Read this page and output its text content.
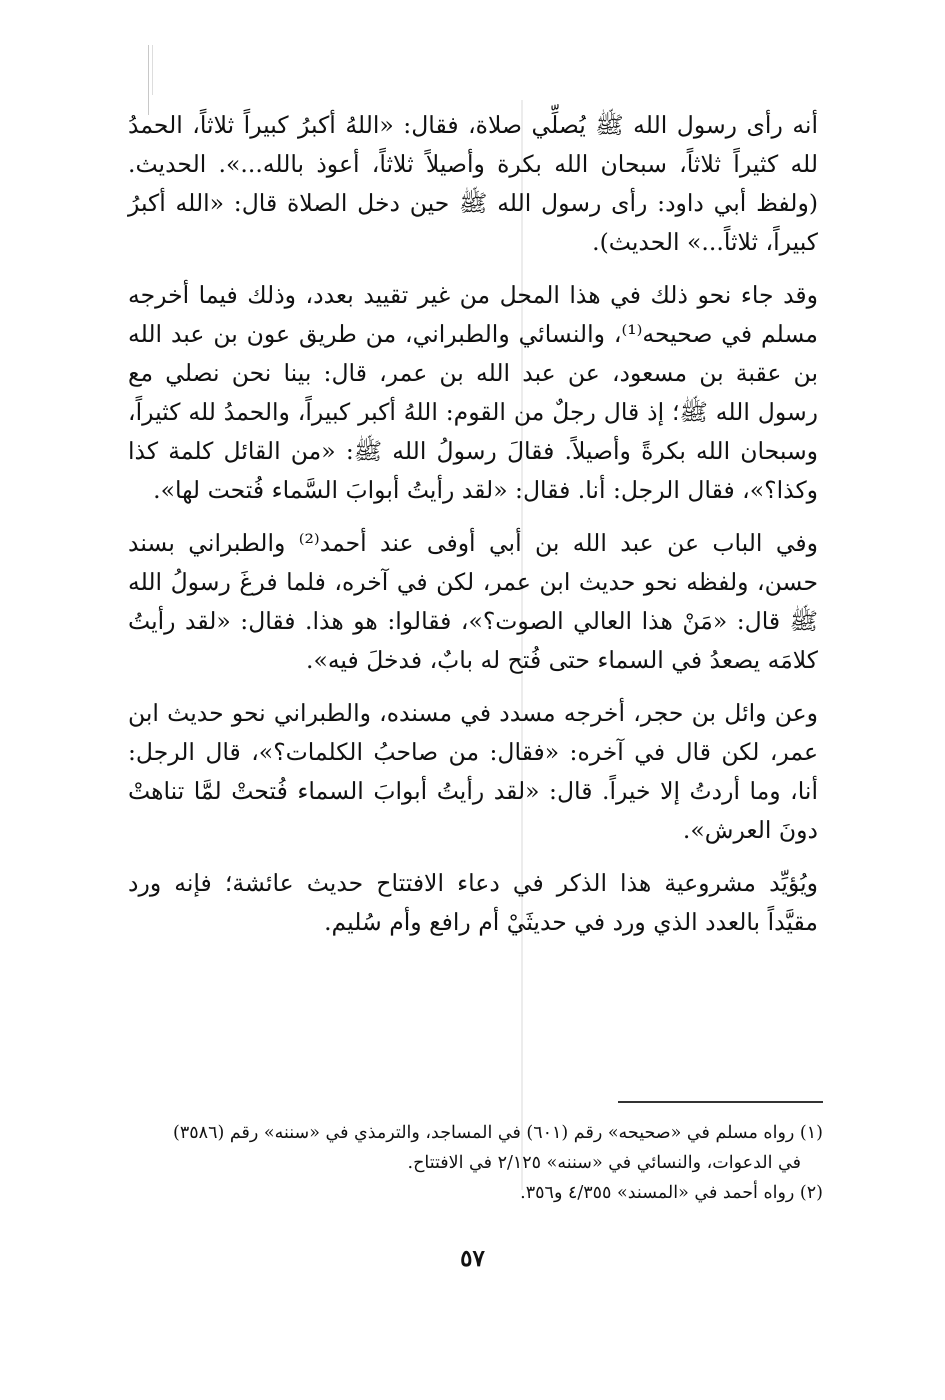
أنه رأى رسول الله ﷺ يُصلِّي صلاة، فقال: «اللهُ أكبرُ كبيراً ثلاثاً، الحمدُ لله كثيراً ثلاثاً، سبحان الله بكرة وأصيلاً ثلاثاً، أعوذ بالله...». الحديث. (ولفظ أبي داود: رأى رسول الله ﷺ حين دخل الصلاة قال: «الله أكبرُ كبيراً، ثلاثاً...» الحديث).

وقد جاء نحو ذلك في هذا المحل من غير تقييد بعدد، وذلك فيما أخرجه مسلم في صحيحه⁽¹⁾، والنسائي والطبراني، من طريق عون بن عبد الله بن عقبة بن مسعود، عن عبد الله بن عمر، قال: بينا نحن نصلي مع رسول الله ﷺ؛ إذ قال رجلٌ من القوم: اللهُ أكبر كبيراً، والحمدُ لله كثيراً، وسبحان الله بكرةً وأصيلاً. فقالَ رسولُ الله ﷺ: «من القائل كلمة كذا وكذا؟»، فقال الرجل: أنا. فقال: «لقد رأيتُ أبوابَ السَّماء فُتحت لها».

وفي الباب عن عبد الله بن أبي أوفى عند أحمد⁽²⁾ والطبراني بسند حسن، ولفظه نحو حديث ابن عمر، لكن في آخره، فلما فرغَ رسولُ الله ﷺ قال: «مَنْ هذا العالي الصوت؟»، فقالوا: هو هذا. فقال: «لقد رأيتُ كلامَه يصعدُ في السماء حتى فُتح له بابٌ، فدخلَ فيه».

وعن وائل بن حجر، أخرجه مسدد في مسنده، والطبراني نحو حديث ابن عمر، لكن قال في آخره: «فقال: من صاحبُ الكلمات؟»، قال الرجل: أنا، وما أردتُ إلا خيراً. قال: «لقد رأيتُ أبوابَ السماء فُتحتْ لمَّا تناهتْ دونَ العرش».

ويُؤيِّد مشروعية هذا الذكر في دعاء الافتتاح حديث عائشة؛ فإنه ورد مقيَّداً بالعدد الذي ورد في حديثَيْ أم رافع وأم سُليم.

(١) رواه مسلم في «صحيحه» رقم (٦٠١) في المساجد، والترمذي في «سننه» رقم (٣٥٨٦)

في الدعوات، والنسائي في «سننه» ٢/١٢٥ في الافتتاح.

(٢) رواه أحمد في «المسند» ٤/٣٥٥ و٣٥٦.

٥٧
